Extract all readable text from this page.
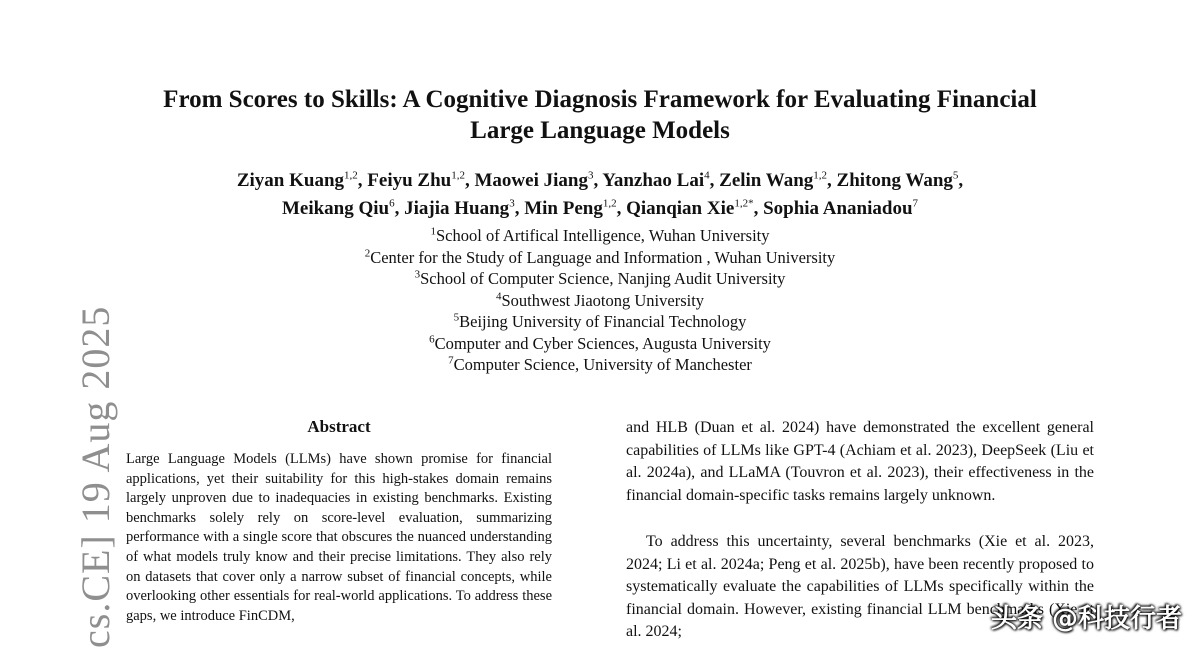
cs.CE] 19 Aug 2025
From Scores to Skills: A Cognitive Diagnosis Framework for Evaluating Financial
Large Language Models
Ziyan Kuang$^{1,2}$, Feiyu Zhu$^{1,2}$, Maowei Jiang$^3$, Yanzhao Lai$^4$, Zelin Wang$^{1,2}$, Zhitong Wang$^5$,
Meikang Qiu$^6$, Jiajia Huang$^3$, Min Peng$^{1,2}$, Qianqian Xie$^{1,2*}$, Sophia Ananiadou$^7$
$^1$School of Artifical Intelligence, Wuhan University
$^2$Center for the Study of Language and Information , Wuhan University
$^3$School of Computer Science, Nanjing Audit University
$^4$Southwest Jiaotong University
$^5$Beijing University of Financial Technology
$^6$Computer and Cyber Sciences, Augusta University
$^7$Computer Science, University of Manchester
Abstract

Large Language Models (LLMs) have shown promise for financial applications, yet their suitability for this high-stakes domain remains largely unproven due to inadequacies in existing benchmarks. Existing benchmarks solely rely on score-level evaluation, summarizing performance with a single score that obscures the nuanced understanding of what models truly know and their precise limitations. They also rely on datasets that cover only a narrow subset of financial concepts, while overlooking other essentials for real-world applications. To address these gaps, we introduce FinCDM,

and HLB (Duan et al. 2024) have demonstrated the excellent general capabilities of LLMs like GPT-4 (Achiam et al. 2023), DeepSeek (Liu et al. 2024a), and LLaMA (Touvron et al. 2023), their effectiveness in the financial domain-specific tasks remains largely unknown.

To address this uncertainty, several benchmarks (Xie et al. 2023, 2024; Li et al. 2024a; Peng et al. 2025b), have been recently proposed to systematically evaluate the capabilities of LLMs specifically within the financial domain. However, existing financial LLM benchmarks (Xie et al. 2024;	头条 @科技行者
